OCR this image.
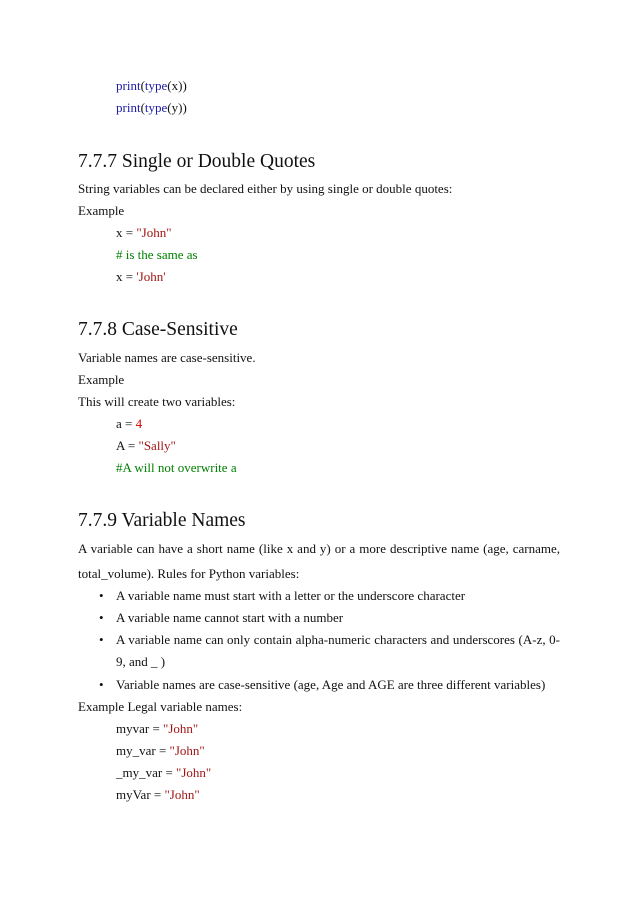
print(type(x))
print(type(y))
7.7.7 Single or Double Quotes
String variables can be declared either by using single or double quotes:
Example
x = "John"
# is the same as
x = 'John'
7.7.8 Case-Sensitive
Variable names are case-sensitive.
Example
This will create two variables:
a = 4
A = "Sally"
#A will not overwrite a
7.7.9 Variable Names
A variable can have a short name (like x and y) or a more descriptive name (age, carname,
total_volume). Rules for Python variables:
• A variable name must start with a letter or the underscore character
• A variable name cannot start with a number
• A variable name can only contain alpha-numeric characters and underscores (A-z, 0-
9, and _ )
• Variable names are case-sensitive (age, Age and AGE are three different variables)
Example Legal variable names:
myvar = "John"
my_var = "John"
_my_var = "John"
myVar = "John"
